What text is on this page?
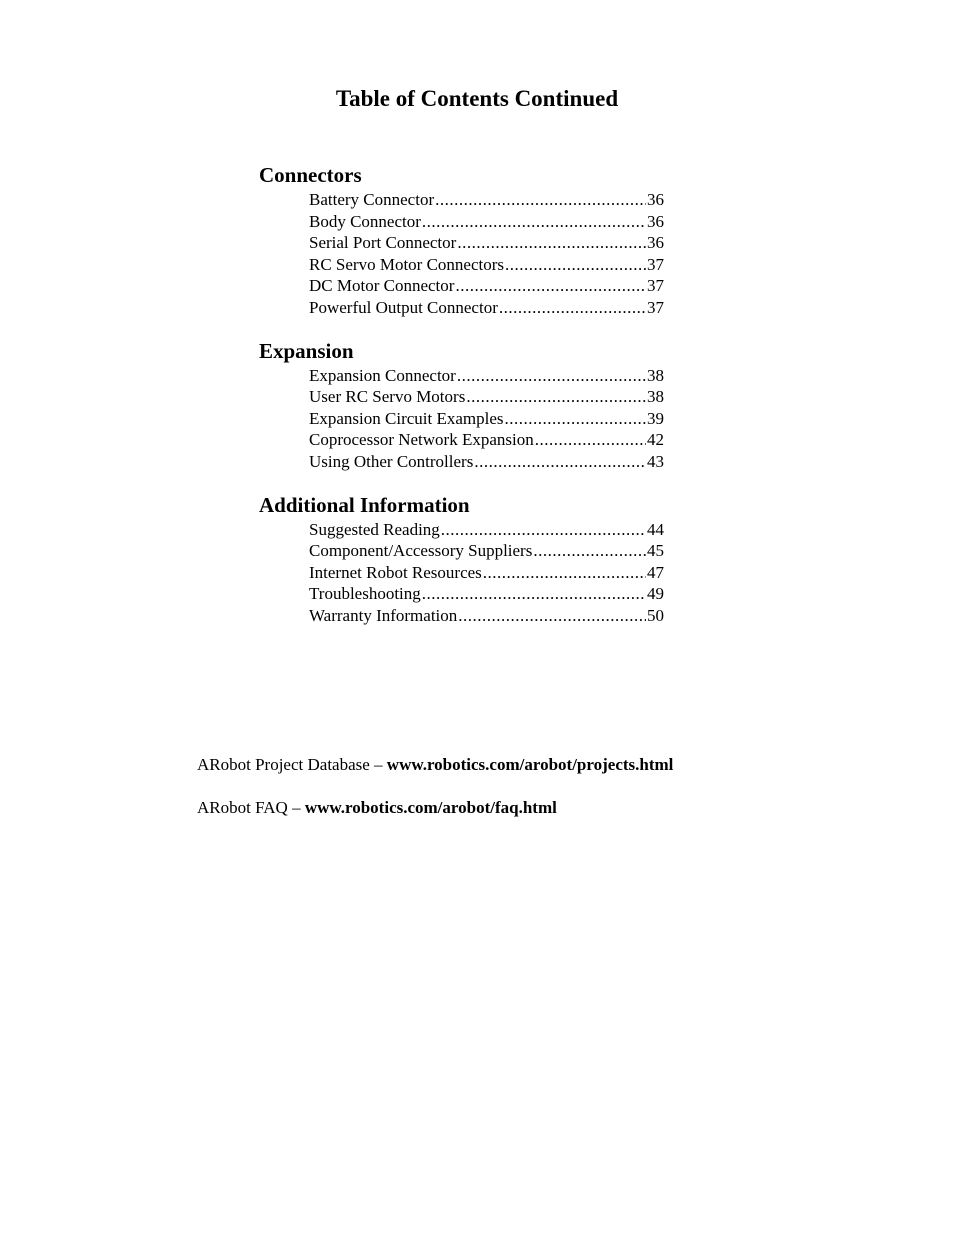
Table of Contents Continued
Connectors
Battery Connector .....	36
Body Connector .....	36
Serial Port Connector .....	36
RC Servo Motor Connectors .....	37
DC Motor Connector .....	37
Powerful Output Connector .....	37
Expansion
Expansion Connector .....	38
User RC Servo Motors .....	38
Expansion Circuit Examples .....	39
Coprocessor Network Expansion .....	42
Using Other Controllers .....	43
Additional Information
Suggested Reading .....	44
Component/Accessory Suppliers .....	45
Internet Robot Resources .....	47
Troubleshooting .....	49
Warranty Information .....	50
ARobot Project Database – www.robotics.com/arobot/projects.html
ARobot FAQ – www.robotics.com/arobot/faq.html
